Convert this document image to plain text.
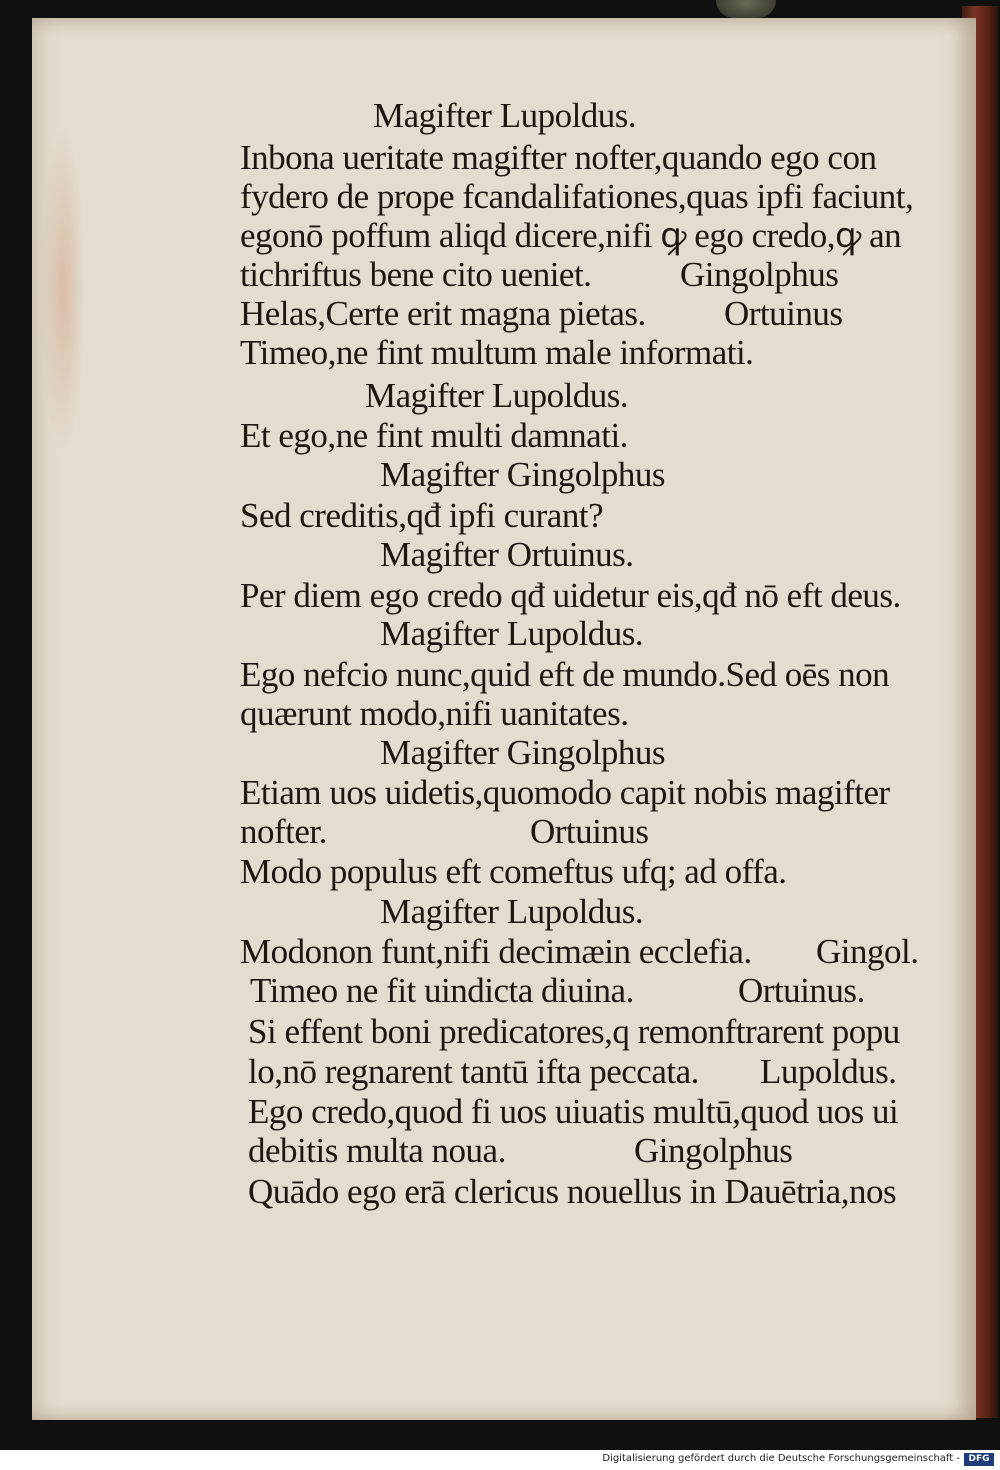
Magifter Lupoldus.
Inbona ueritate magifter nofter,quando ego con
fydero de prope fcandalifationes,quas ipfi faciunt,
egonō poffum aliqd dicere,nifi ꝙ ego credo,ꝙ an
tichriftus bene cito ueniet.	Gingolphus
Helas,Certe erit magna pietas. Ortuinus
Timeo,ne fint multum male informati.
Magifter Lupoldus.
Et ego,ne fint multi damnati.
Magifter Gingolphus
Sed creditis,qđ ipfi curant?
Magifter Ortuinus.
Per diem ego credo qđ uidetur eis,qđ nō eft deus.
Magifter Lupoldus.
Ego nefcio nunc,quid eft de mundo.Sed oēs non
quærunt modo,nifi uanitates.
Magifter Gingolphus
Etiam uos uidetis,quomodo capit nobis magifter
nofter.	Ortuinus
Modo populus eft comeftus ufq; ad offa.
Magifter Lupoldus.
Modonon funt,nifi decimæin ecclefia. Gingol.
Timeo ne fit uindicta diuina.	Ortuinus.
Si effent boni predicatores,q remonftrarent popu
lo,nō regnarent tantū ifta peccata. Lupoldus.
Ego credo,quod fi uos uiuatis multū,quod uos ui
debitis multa noua.	Gingolphus
Quādo ego erā clericus nouellus in Dauētria,nos
Digitalisierung gefördert durch die Deutsche Forschungsgemeinschaft - DFG
